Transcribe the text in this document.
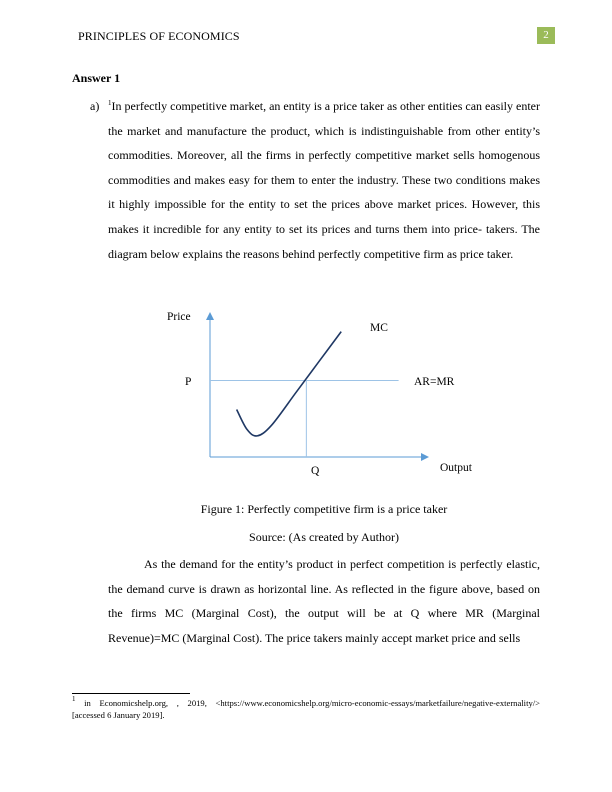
PRINCIPLES OF ECONOMICS	2
Answer 1
a) $^1$In perfectly competitive market, an entity is a price taker as other entities can easily enter the market and manufacture the product, which is indistinguishable from other entity’s commodities. Moreover, all the firms in perfectly competitive market sells homogenous commodities and makes easy for them to enter the industry. These two conditions makes it highly impossible for the entity to set the prices above market prices. However, this makes it incredible for any entity to set its prices and turns them into price- takers. The diagram below explains the reasons behind perfectly competitive firm as price taker.
Price
Output
MC
AR=MR
P
Q
Figure 1: Perfectly competitive firm is a price taker
Source: (As created by Author)
As the demand for the entity’s product in perfect competition is perfectly elastic, the demand curve is drawn as horizontal line. As reflected in the figure above, based on the firms MC (Marginal Cost), the output will be at Q where MR (Marginal Revenue)=MC (Marginal Cost). The price takers mainly accept market price and sells
$^1$ in Economicshelp.org, , 2019, <https://www.economicshelp.org/micro-economic-essays/marketfailure/negative-externality/> [accessed 6 January 2019].
